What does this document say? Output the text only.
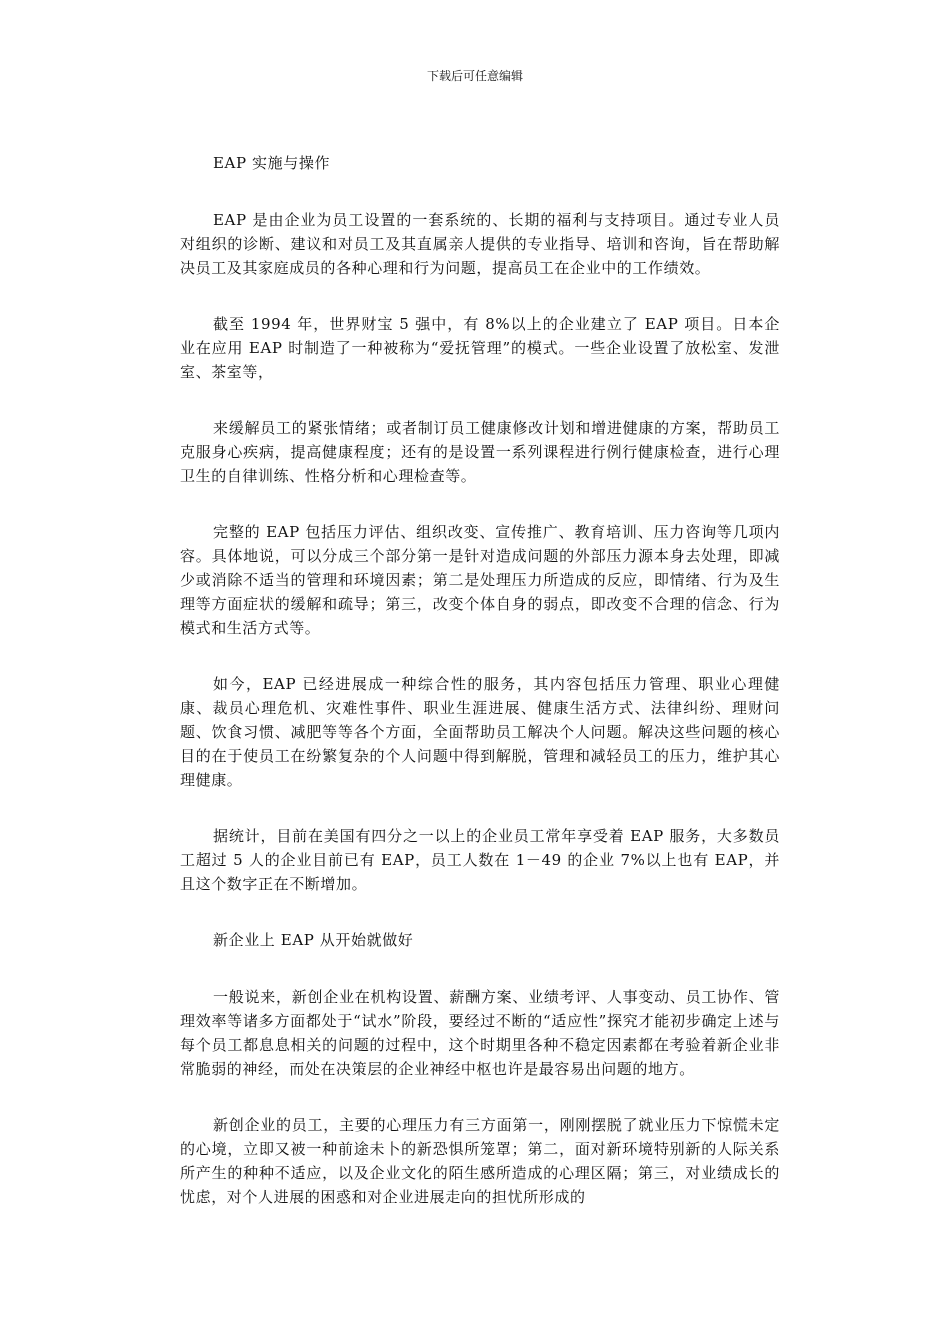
下载后可任意编辑

EAP 实施与操作

EAP 是由企业为员工设置的一套系统的、长期的福利与支持项目。通过专业人员对组织的诊断、建议和对员工及其直属亲人提供的专业指导、培训和咨询，旨在帮助解决员工及其家庭成员的各种心理和行为问题，提高员工在企业中的工作绩效。

截至 1994 年，世界财宝 5 强中，有 8%以上的企业建立了 EAP 项目。日本企业在应用 EAP 时制造了一种被称为“爱抚管理”的模式。一些企业设置了放松室、发泄室、茶室等，

来缓解员工的紧张情绪；或者制订员工健康修改计划和增进健康的方案，帮助员工克服身心疾病，提高健康程度；还有的是设置一系列课程进行例行健康检查，进行心理卫生的自律训练、性格分析和心理检查等。

完整的 EAP 包括压力评估、组织改变、宣传推广、教育培训、压力咨询等几项内容。具体地说，可以分成三个部分第一是针对造成问题的外部压力源本身去处理，即减少或消除不适当的管理和环境因素；第二是处理压力所造成的反应，即情绪、行为及生理等方面症状的缓解和疏导；第三，改变个体自身的弱点，即改变不合理的信念、行为模式和生活方式等。

如今，EAP 已经进展成一种综合性的服务，其内容包括压力管理、职业心理健康、裁员心理危机、灾难性事件、职业生涯进展、健康生活方式、法律纠纷、理财问题、饮食习惯、减肥等等各个方面，全面帮助员工解决个人问题。解决这些问题的核心目的在于使员工在纷繁复杂的个人问题中得到解脱，管理和减轻员工的压力，维护其心理健康。

据统计，目前在美国有四分之一以上的企业员工常年享受着 EAP 服务，大多数员工超过 5 人的企业目前已有 EAP，员工人数在 1－49 的企业 7%以上也有 EAP，并且这个数字正在不断增加。

新企业上 EAP 从开始就做好

一般说来，新创企业在机构设置、薪酬方案、业绩考评、人事变动、员工协作、管理效率等诸多方面都处于“试水”阶段，要经过不断的“适应性”探究才能初步确定上述与每个员工都息息相关的问题的过程中，这个时期里各种不稳定因素都在考验着新企业非常脆弱的神经，而处在决策层的企业神经中枢也许是最容易出问题的地方。

新创企业的员工，主要的心理压力有三方面第一，刚刚摆脱了就业压力下惊慌未定的心境，立即又被一种前途未卜的新恐惧所笼罩；第二，面对新环境特别新的人际关系所产生的种种不适应，以及企业文化的陌生感所造成的心理区隔；第三，对业绩成长的忧虑，对个人进展的困惑和对企业进展走向的担忧所形成的
